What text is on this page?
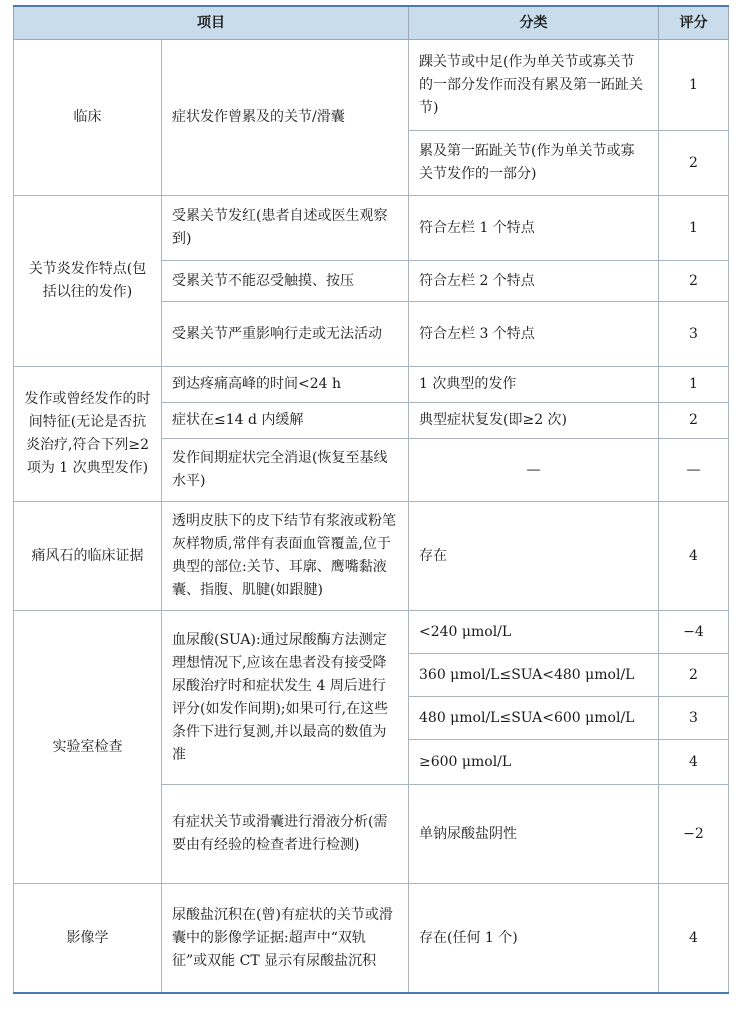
项目		分类	评分
临床	症状发作曾累及的关节/滑囊	踝关节或中足(作为单关节或寡关节的一部分发作而没有累及第一跖趾关节)	1
		累及第一跖趾关节(作为单关节或寡关节发作的一部分)	2
关节炎发作特点(包括以往的发作)	受累关节发红(患者自述或医生观察到)	符合左栏 1 个特点	1
	受累关节不能忍受触摸、按压	符合左栏 2 个特点	2
	受累关节严重影响行走或无法活动	符合左栏 3 个特点	3
发作或曾经发作的时间特征(无论是否抗炎治疗,符合下列≥2 项为 1 次典型发作)	到达疼痛高峰的时间<24 h	1 次典型的发作	1
	症状在≤14 d 内缓解	典型症状复发(即≥2 次)	2
	发作间期症状完全消退(恢复至基线水平)	—	—
痛风石的临床证据	透明皮肤下的皮下结节有浆液或粉笔灰样物质,常伴有表面血管覆盖,位于典型的部位:关节、耳廓、鹰嘴黏液囊、指腹、肌腱(如跟腱)	存在	4
实验室检查	血尿酸(SUA):通过尿酸酶方法测定
理想情况下,应该在患者没有接受降尿酸治疗时和症状发生 4 周后进行评分(如发作间期);如果可行,在这些条件下进行复测,并以最高的数值为准	<240 μmol/L	−4
		360 μmol/L≤SUA<480 μmol/L	2
		480 μmol/L≤SUA<600 μmol/L	3
		≥600 μmol/L	4
	有症状关节或滑囊进行滑液分析(需要由有经验的检查者进行检测)	单钠尿酸盐阴性	−2
影像学	尿酸盐沉积在(曾)有症状的关节或滑囊中的影像学证据:超声中“双轨征”或双能 CT 显示有尿酸盐沉积	存在(任何 1 个)	4
